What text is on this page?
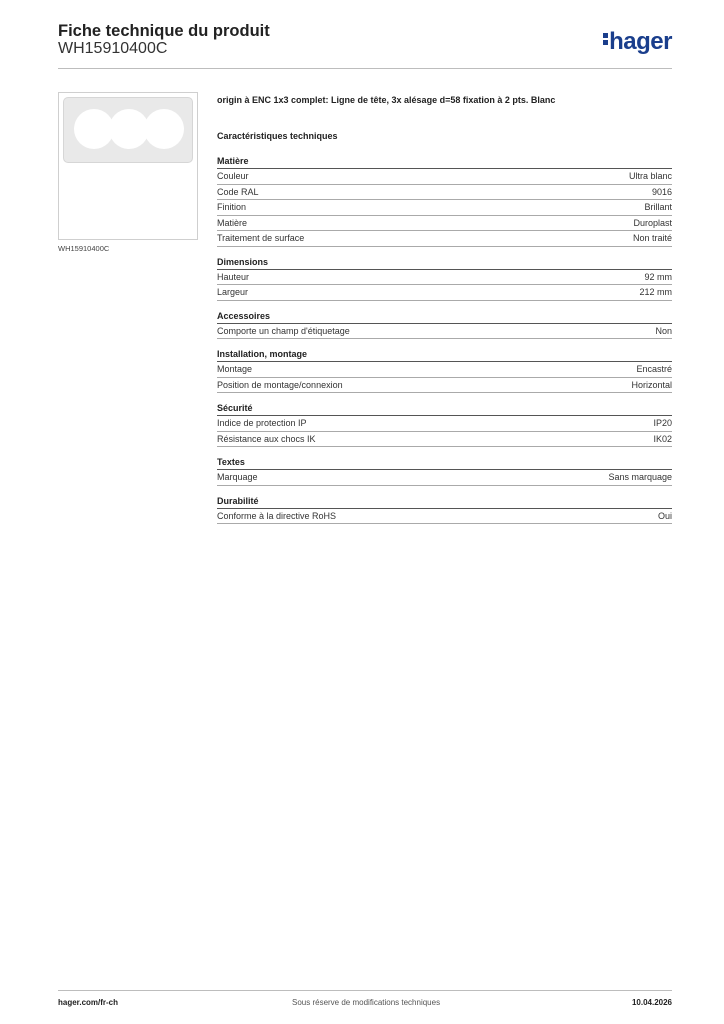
Fiche technique du produit
WH15910400C	hager
WH15910400C

origin à ENC 1x3 complet: Ligne de tête, 3x alésage d=58 fixation à 2 pts. Blanc

Caractéristiques techniques

Matière
Couleur	Ultra blanc
Code RAL	9016
Finition	Brillant
Matière	Duroplast
Traitement de surface	Non traité
Dimensions
Hauteur	92 mm
Largeur	212 mm
Accessoires
Comporte un champ d'étiquetage	Non
Installation, montage
Montage	Encastré
Position de montage/connexion	Horizontal
Sécurité
Indice de protection IP	IP20
Résistance aux chocs IK	IK02
Textes
Marquage	Sans marquage
Durabilité
Conforme à la directive RoHS	Oui
hager.com/fr-ch	Sous réserve de modifications techniques	10.04.2026
